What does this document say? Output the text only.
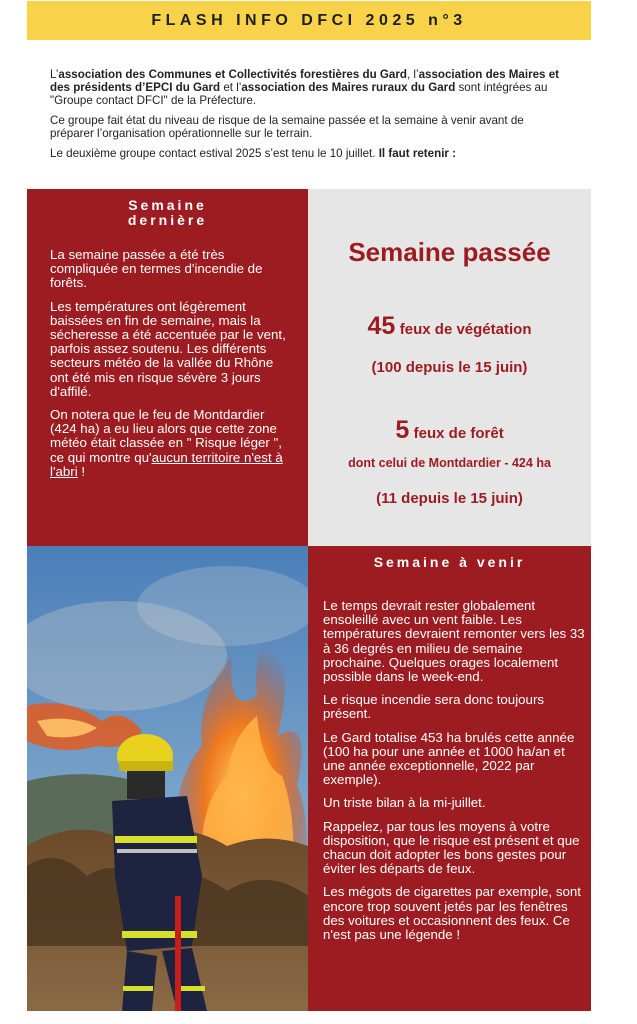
FLASH INFO DFCI 2025 n°3

L’association des Communes et Collectivités forestières du Gard, l’association des Maires et des présidents d’EPCI du Gard et l’association des Maires ruraux du Gard sont intégrées au "Groupe contact DFCI" de la Préfecture.

Ce groupe fait état du niveau de risque de la semaine passée et la semaine à venir avant de préparer l’organisation opérationnelle sur le terrain.

Le deuxième groupe contact estival 2025 s’est tenu le 10 juillet. Il faut retenir :

Semaine
dernière

La semaine passée a été très compliquée en termes d'incendie de forêts.

Les températures ont légèrement baissées en fin de semaine, mais la sécheresse a été accentuée par le vent, parfois assez soutenu. Les différents secteurs météo de la vallée du Rhône ont été mis en risque sévère 3 jours d'affilé.

On notera que le feu de Montdardier (424 ha) a eu lieu alors que cette zone météo était classée en " Risque léger ", ce qui montre qu'aucun territoire n'est à l'abri !

Semaine passée
45 feux de végétation
(100 depuis le 15 juin)
5 feux de forêt
dont celui de Montdardier - 424 ha
(11 depuis le 15 juin)
Semaine à venir

Le temps devrait rester globalement ensoleillé avec un vent faible. Les températures devraient remonter vers les 33 à 36 degrés en milieu de semaine prochaine. Quelques orages localement possible dans le week-end.

Le risque incendie sera donc toujours présent.

Le Gard totalise 453 ha brulés cette année (100 ha pour une année et 1000 ha/an et une année exceptionnelle, 2022 par exemple).

Un triste bilan à la mi-juillet.

Rappelez, par tous les moyens à votre disposition, que le risque est présent et que chacun doit adopter les bons gestes pour éviter les départs de feux.

Les mégots de cigarettes par exemple, sont encore trop souvent jetés par les fenêtres des voitures et occasionnent des feux. Ce n'est pas une légende !
